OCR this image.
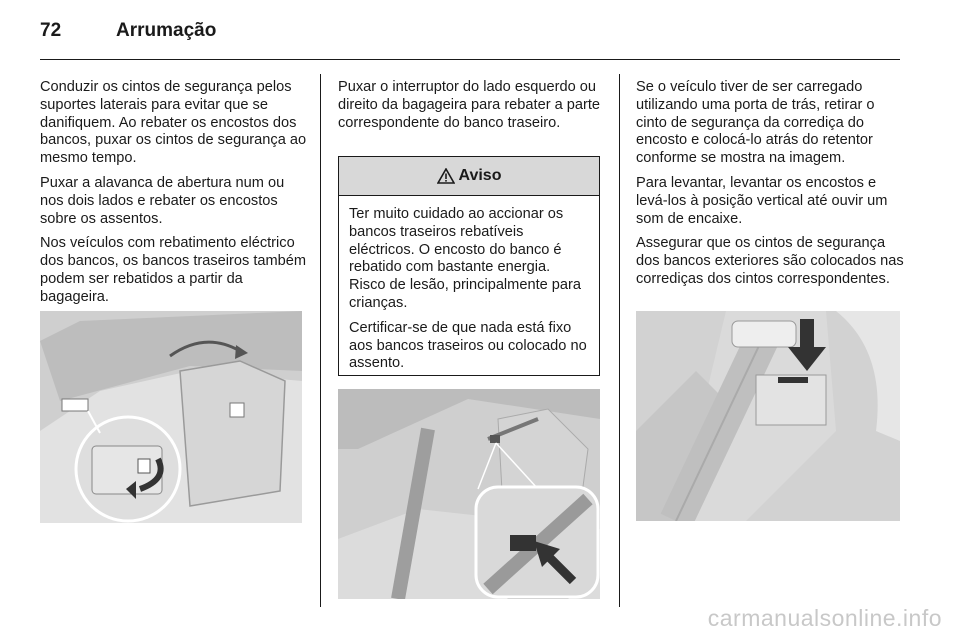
72	Arrumação

Conduzir os cintos de segurança pelos suportes laterais para evitar que se danifiquem. Ao rebater os encostos dos bancos, puxar os cintos de segurança ao mesmo tempo.

Puxar a alavanca de abertura num ou nos dois lados e rebater os encostos sobre os assentos.

Nos veículos com rebatimento eléctrico dos bancos, os bancos traseiros também podem ser rebatidos a partir da bagageira.

Puxar o interruptor do lado esquerdo ou direito da bagageira para rebater a parte correspondente do banco traseiro.

Aviso

Ter muito cuidado ao accionar os bancos traseiros rebatíveis eléctricos. O encosto do banco é rebatido com bastante energia. Risco de lesão, principalmente para crianças.

Certificar-se de que nada está fixo aos bancos traseiros ou colocado no assento.

Se o veículo tiver de ser carregado utilizando uma porta de trás, retirar o cinto de segurança da corrediça do encosto e colocá-lo atrás do retentor conforme se mostra na imagem.

Para levantar, levantar os encostos e levá-los à posição vertical até ouvir um som de encaixe.

Assegurar que os cintos de segurança dos bancos exteriores são colocados nas corrediças dos cintos correspondentes.

carmanualsonline.info
